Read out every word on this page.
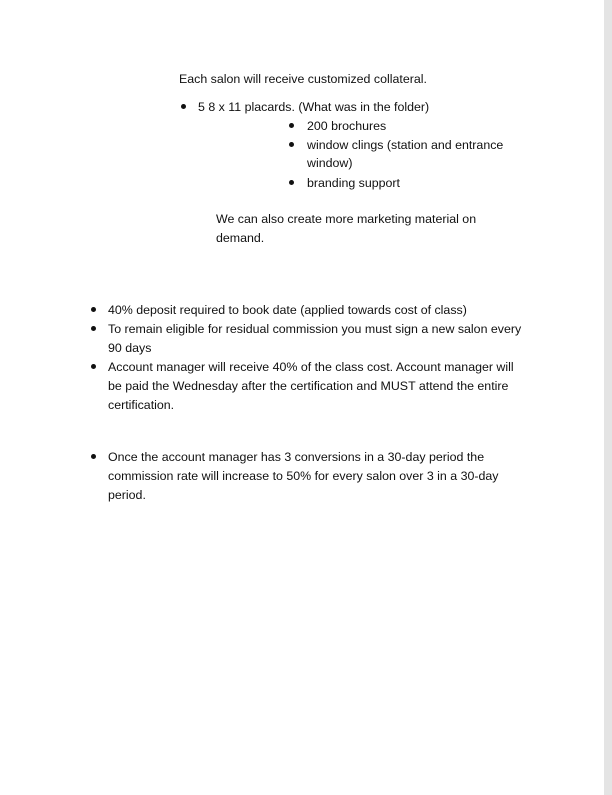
Each salon will receive customized collateral.

5 8 x 11 placards. (What was in the folder)

200 brochures

window clings (station and entrance

window)

branding support

We can also create more marketing material on

demand.

40% deposit required to book date (applied towards cost of class)

To remain eligible for residual commission you must sign a new salon every

90 days

Account manager will receive 40% of the class cost. Account manager will

be paid the Wednesday after the certification and MUST attend the entire

certification.

Once the account manager has 3 conversions in a 30-day period the

commission rate will increase to 50% for every salon over 3 in a 30-day

period.
